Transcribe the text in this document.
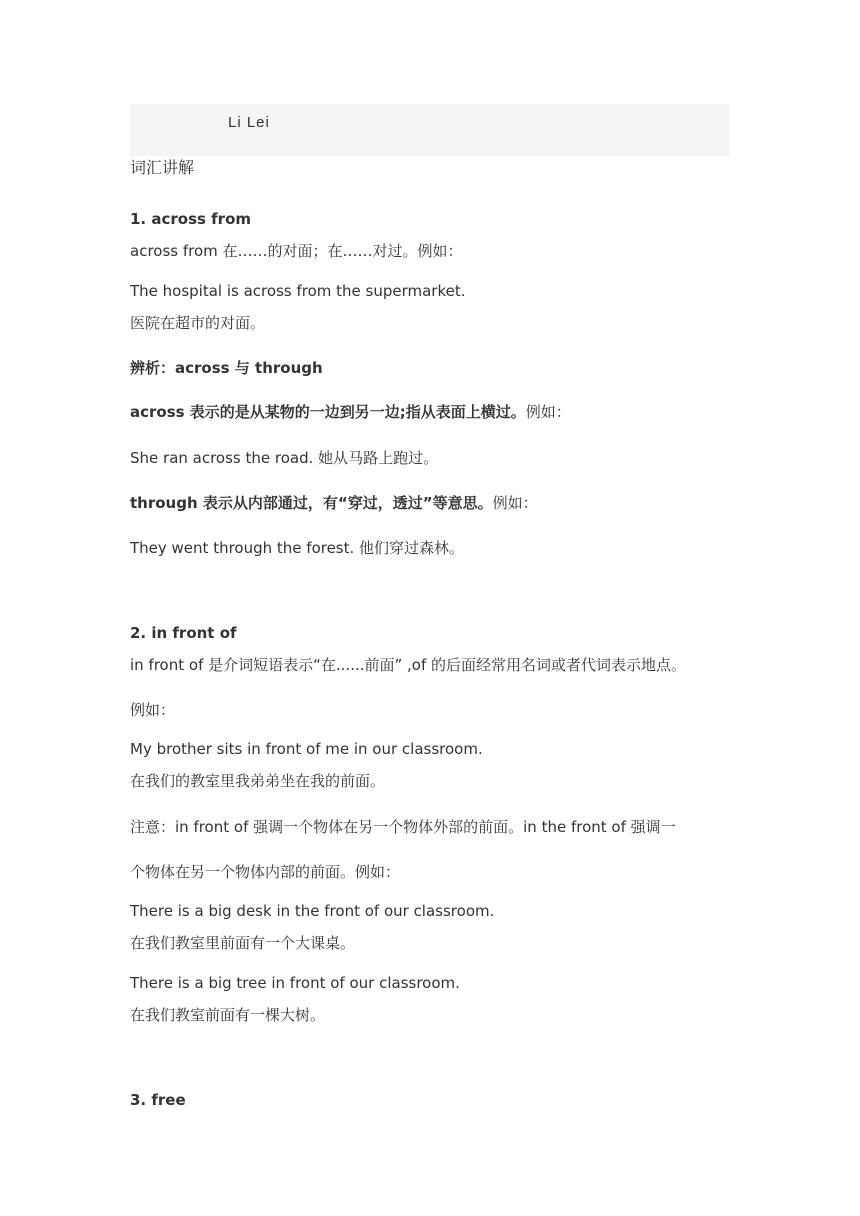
Li Lei
词汇讲解
1. across from
across from 在……的对面；在……对过。例如：
The hospital is across from the supermarket.
医院在超市的对面。
辨析：across 与 through
across 表示的是从某物的一边到另一边;指从表面上横过。例如：
She ran across the road. 她从马路上跑过。
through 表示从内部通过，有“穿过，透过”等意思。例如：
They went through the forest. 他们穿过森林。
2. in front of
in front of 是介词短语表示“在......前面” ,of 的后面经常用名词或者代词表示地点。
例如：
My brother sits in front of me in our classroom.
在我们的教室里我弟弟坐在我的前面。
注意：in front of 强调一个物体在另一个物体外部的前面。in the front of 强调一
个物体在另一个物体内部的前面。例如：
There is a big desk in the front of our classroom.
在我们教室里前面有一个大课桌。
There is a big tree in front of our classroom.
在我们教室前面有一棵大树。
3. free
